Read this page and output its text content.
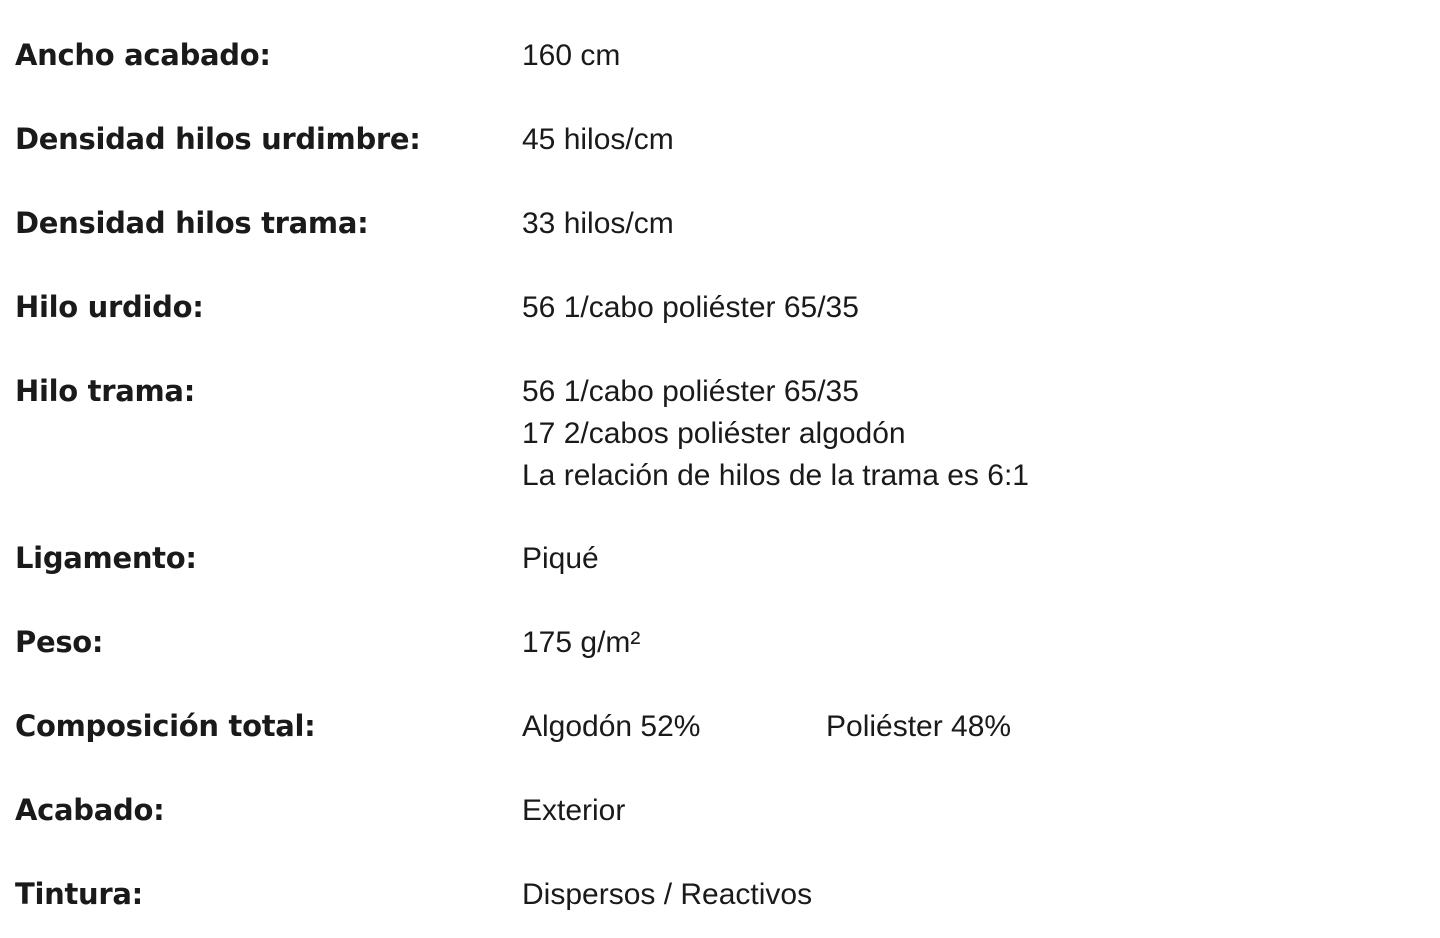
Ancho acabado:	160 cm
Densidad hilos urdimbre:	45 hilos/cm
Densidad hilos trama:	33 hilos/cm
Hilo urdido:	56 1/cabo poliéster 65/35
Hilo trama:	56 1/cabo poliéster 65/35
17 2/cabos poliéster algodón
La relación de hilos de la trama es 6:1
Ligamento:	Piqué
Peso:	175 g/m²
Composición total:	Algodón 52%	Poliéster 48%
Acabado:	Exterior
Tintura:	Dispersos / Reactivos
